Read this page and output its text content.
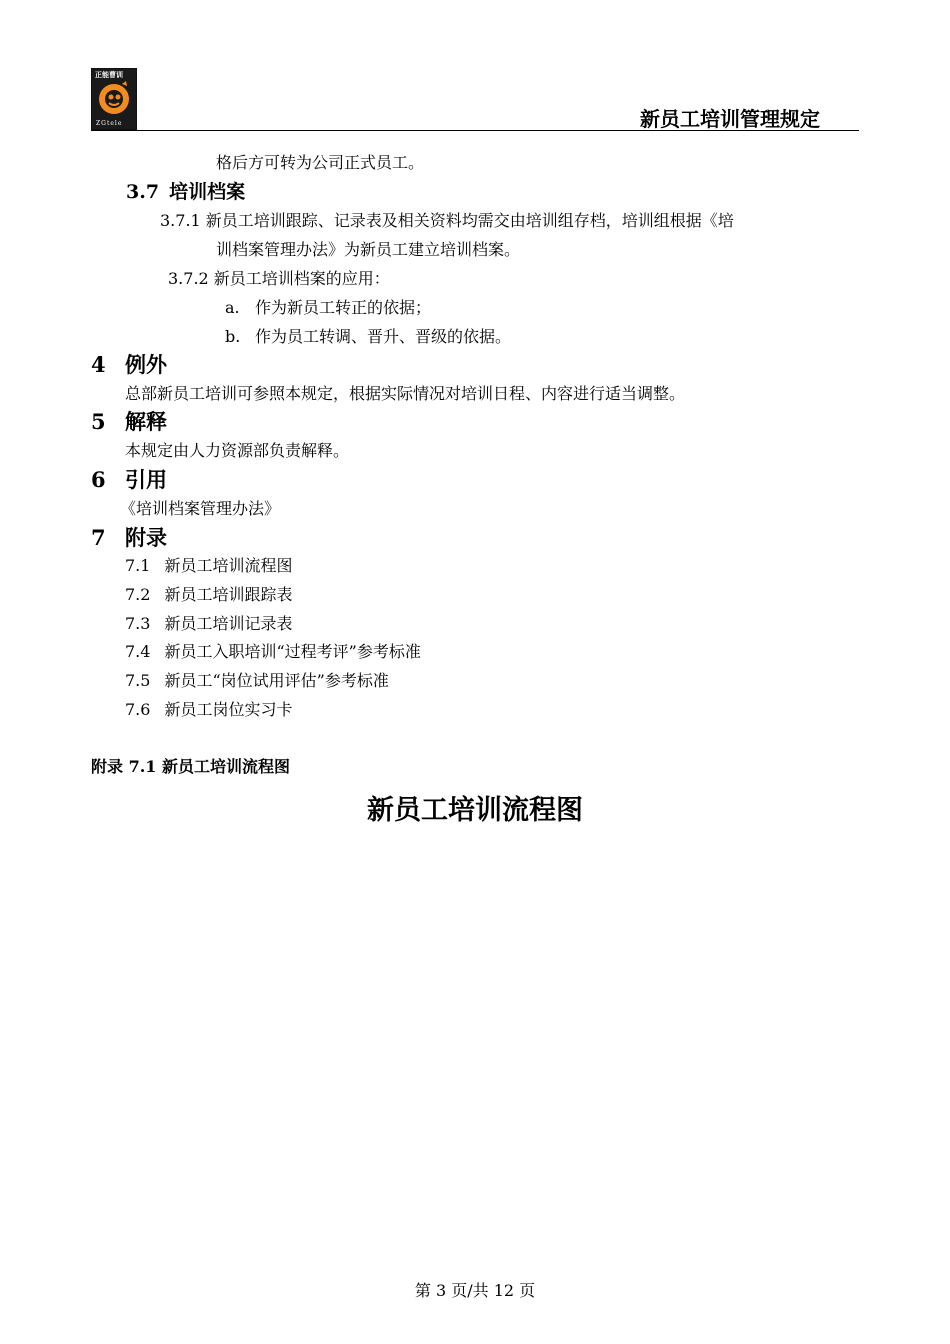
正能曹训
ZGtele	新员工培训管理规定
格后方可转为公司正式员工。
3.7 培训档案
3.7.1 新员工培训跟踪、记录表及相关资料均需交由培训组存档，培训组根据《培
训档案管理办法》为新员工建立培训档案。
3.7.2 新员工培训档案的应用：
a. 作为新员工转正的依据；
b. 作为员工转调、晋升、晋级的依据。
4 例外
总部新员工培训可参照本规定，根据实际情况对培训日程、内容进行适当调整。
5 解释
本规定由人力资源部负责解释。
6 引用
《培训档案管理办法》
7 附录
7.1 新员工培训流程图
7.2 新员工培训跟踪表
7.3 新员工培训记录表
7.4 新员工入职培训“过程考评”参考标准
7.5 新员工“岗位试用评估”参考标准
7.6 新员工岗位实习卡
附录 7.1 新员工培训流程图
新员工培训流程图
第 3 页/共 12 页
